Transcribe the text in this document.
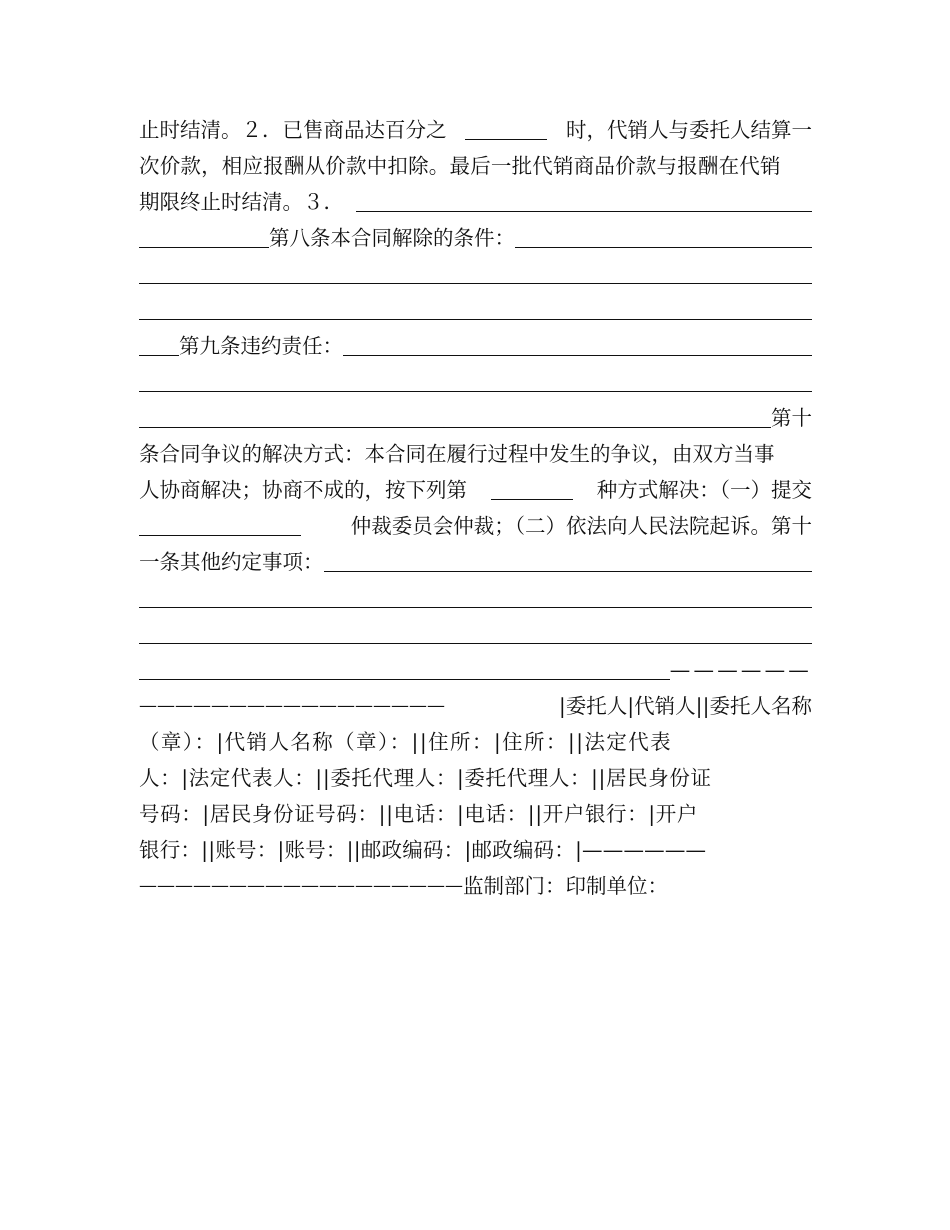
止时结清。２．已售商品达百分之	时，代销人与委托人结算一
次价款，相应报酬从价款中扣除。最后一批代销商品价款与报酬在代销
期限终止时结清。３．
第八条本合同解除的条件：
第九条违约责任：
第十
条合同争议的解决方式：本合同在履行过程中发生的争议，由双方当事
人协商解决；协商不成的，按下列第	种方式解决：（一）提交
仲裁委员会仲裁；（二）依法向人民法院起诉。第十
一条其他约定事项：
——————
—————————————————	|委托人|代销人||委托人名称
（章）：|代销人名称（章）：||住所：|住所：||法定代表
人：|法定代表人：||委托代理人：|委托代理人：||居民身份证
号码：|居民身份证号码：||电话：|电话：||开户银行：|开户
银行：||账号：|账号：||邮政编码：|邮政编码：|——————
—————————————————— 监制部门：印制单位：
